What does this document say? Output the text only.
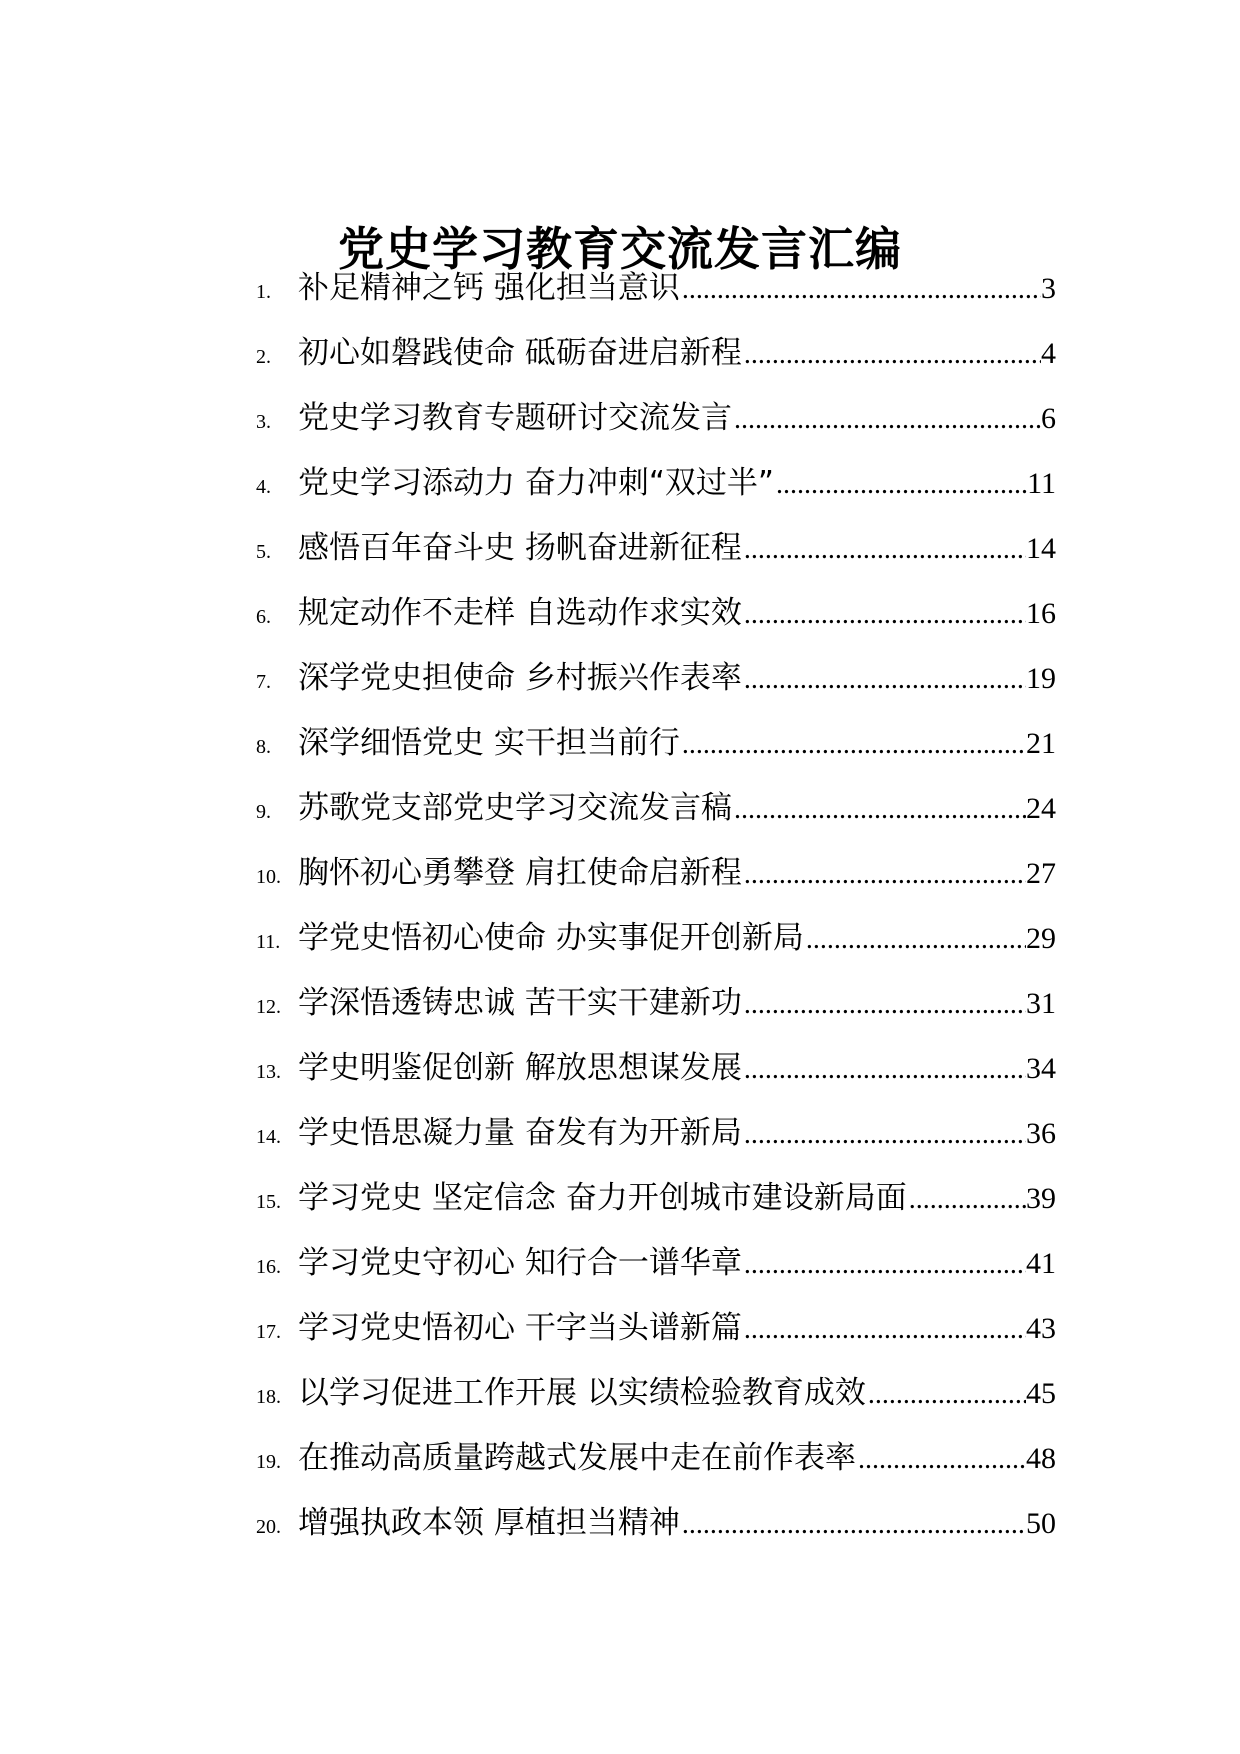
党史学习教育交流发言汇编
1. 补足精神之钙 强化担当意识 .....	3
2. 初心如磐践使命 砥砺奋进启新程 .....	4
3. 党史学习教育专题研讨交流发言 .....	6
4. 党史学习添动力 奋力冲刺“双过半” .....	11
5. 感悟百年奋斗史 扬帆奋进新征程 .....	14
6. 规定动作不走样 自选动作求实效 .....	16
7. 深学党史担使命 乡村振兴作表率 .....	19
8. 深学细悟党史 实干担当前行 .....	21
9. 苏歌党支部党史学习交流发言稿 .....	24
10. 胸怀初心勇攀登 肩扛使命启新程 .....	27
11. 学党史悟初心使命 办实事促开创新局 .....	29
12. 学深悟透铸忠诚 苦干实干建新功 .....	31
13. 学史明鉴促创新 解放思想谋发展 .....	34
14. 学史悟思凝力量 奋发有为开新局 .....	36
15. 学习党史 坚定信念 奋力开创城市建设新局面 .....	39
16. 学习党史守初心 知行合一谱华章 .....	41
17. 学习党史悟初心 干字当头谱新篇 .....	43
18. 以学习促进工作开展 以实绩检验教育成效 .....	45
19. 在推动高质量跨越式发展中走在前作表率 .....	48
20. 增强执政本领 厚植担当精神 .....	50
